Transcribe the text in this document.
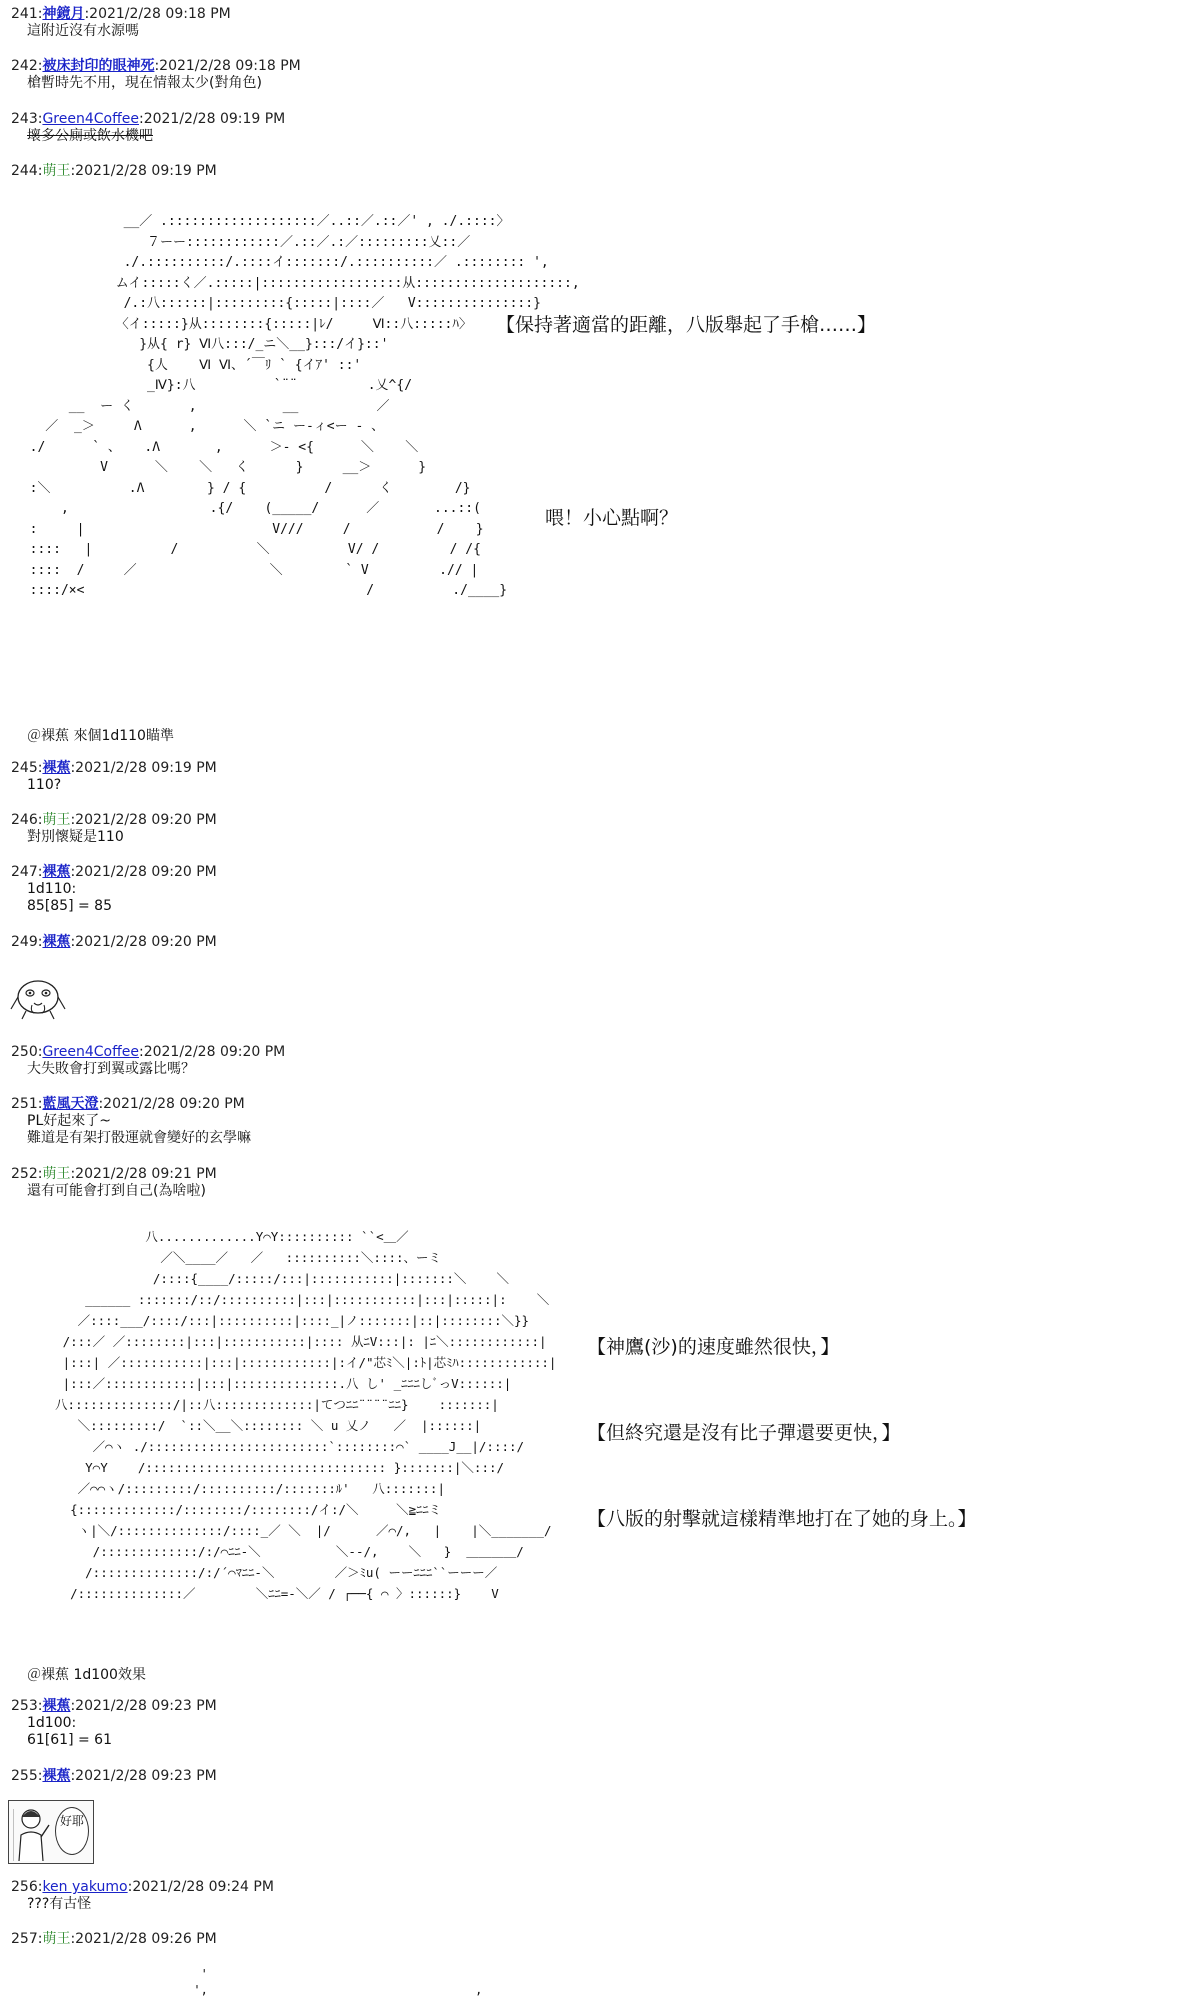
241:神鏡月:2021/2/28 09:18 PM
這附近沒有水源嗎
242:被床封印的眼神死:2021/2/28 09:18 PM
槍暫時先不用，現在情報太少(對角色)
243:Green4Coffee:2021/2/28 09:19 PM
壞多公廁或飲水機吧
244:萌王:2021/2/28 09:19 PM
__／ .:::::::::::::::::::／..::／.::／' , ./.::::〉
７ーー::::::::::::／.::／.:／:::::::::乂::／
./.::::::::::/.::::イ:::::::/.::::::::::／ .:::::::: ',
ムイ:::::く／.:::::|::::::::::::::::::从::::::::::::::::::::,
/.:八::::::|:::::::::{:::::|::::／   V:::::::::::::::}
〈イ:::::}从::::::::{:::::|ﾚ/     Ⅵ::八:::::ﾊ〉
}从{ r} Ⅵ八:::/_ニ＼__}:::/イ}::'
{人    Ⅵ Ⅵ、´￣ﾘ ` {イｱ' ::'
_Ⅳ}:八          `¨¨         .乂^{/
__  ー く       ,           __          ／
／  _＞     Λ      ,      ＼ `ニ ー-ィ<ー - 、
./      ` 、   .Λ       ,      ＞- <{      ＼    ＼
V      ＼    ＼   く      }     __＞      }
:＼          .Λ        } / {          /      く        /}
,                  .{/    (_____/      ／       ...::(
:     |                        V///     /           /    }
::::   |          /          ＼          V/ /         / /{
::::  /     ／                 ＼        ` V         .// |
::::/×<                                    /          ./____}

【保持著適當的距離，八版舉起了手槍……】
喂！小心點啊？
＠裸蕉 來個1d110瞄準
245:裸蕉:2021/2/28 09:19 PM
110?
246:萌王:2021/2/28 09:20 PM
對別懷疑是110
247:裸蕉:2021/2/28 09:20 PM
1d110:
85[85] = 85
249:裸蕉:2021/2/28 09:20 PM
250:Green4Coffee:2021/2/28 09:20 PM
大失敗會打到翼或露比嗎？
251:藍風天澄:2021/2/28 09:20 PM
PL好起來了~
難道是有架打骰運就會變好的玄學嘛
252:萌王:2021/2/28 09:21 PM
還有可能會打到自己(為啥啦)
八.............Y⌒Y:::::::::: ``<＿／
／＼____／   ／   ::::::::::＼::::、ーミ
/::::{____/:::::/:::|:::::::::::|:::::::＼    ＼
______ :::::::/::/::::::::::|:::|:::::::::::|:::|:::::|:    ＼
／::::___/::::/:::|::::::::::|::::_|ノ:::::::|::|::::::::＼}}
/:::／ ／::::::::|:::|:::::::::::|:::: 从ﾆV:::|: |ﾆ＼::::::::::::|
|:::| ／:::::::::::|:::|::::::::::::|:イ/"芯ﾐ＼|:ﾄ|芯ﾐﾊ::::::::::::|
|:::／::::::::::::|:::|::::::::::::::.八 し' _ﾆﾆﾆしﾞっV::::::|
八::::::::::::::/|::八:::::::::::::|てつﾆﾆ¨¨¨¨ﾆﾆ}    :::::::|
＼:::::::::/  `::＼__＼:::::::: ＼ u 乂ノ   ／  |::::::|
／⌒ヽ ./::::::::::::::::::::::::`::::::::⌒` ____J__|/::::/
Y⌒Y    /:::::::::::::::::::::::::::::::: }:::::::|＼:::/
／⌒⌒ヽ/:::::::::/::::::::::/:::::::ﾙ'   八:::::::|
{:::::::::::::/::::::::/::::::::/イ:/＼     ＼≧ﾆﾆミ
ヽ|＼/::::::::::::::/::::_／ ＼  |/      ／⌒/,   |    |＼_______/
/:::::::::::::/:/⌒ﾆﾆ-＼          ＼--/,    ＼   }  ＿＿＿＿/
/::::::::::::::/:/´⌒ﾏﾆﾆ-＼        ／＞ﾐu( ーーﾆﾆﾆ``ーーー／
/::::::::::::::／        ＼ﾆﾆ=-＼／ / ┌──{ ⌒ 〉::::::}    V

【神鷹(沙)的速度雖然很快，】
【但終究還是沒有比子彈還要更快，】
【八版的射擊就這樣精準地打在了她的身上。】
＠裸蕉 1d100效果
253:裸蕉:2021/2/28 09:23 PM
1d100:
61[61] = 61
255:裸蕉:2021/2/28 09:23 PM
好耶
256:ken yakumo:2021/2/28 09:24 PM
???有古怪
257:萌王:2021/2/28 09:26 PM
'
',                                     ,
